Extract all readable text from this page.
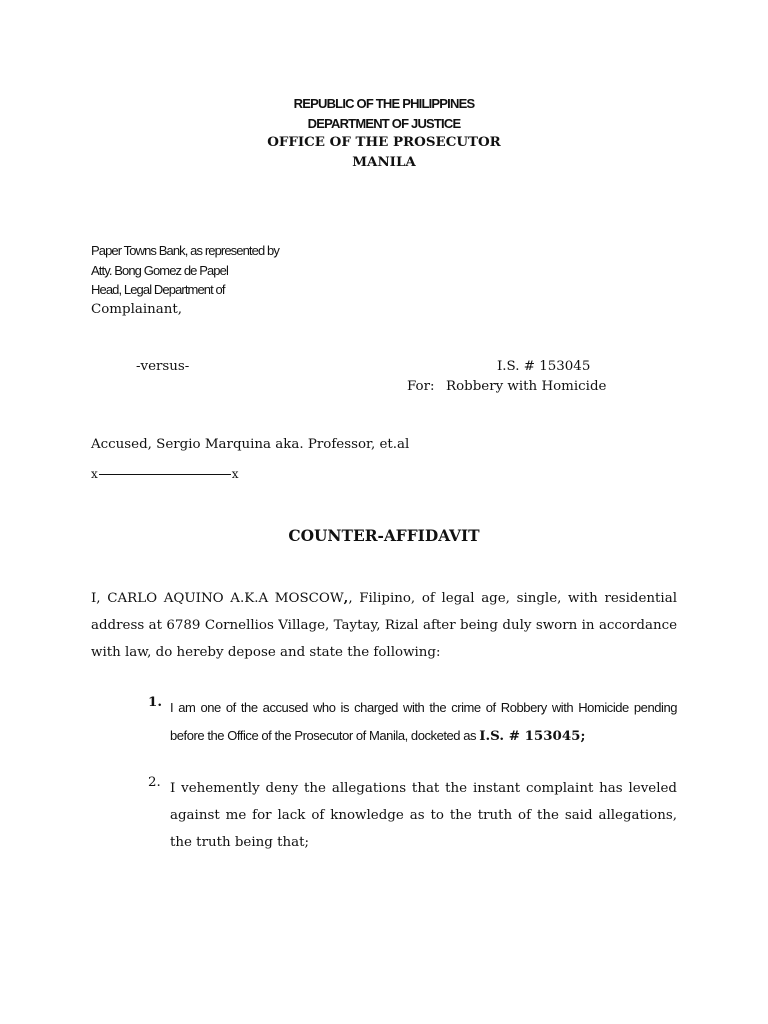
REPUBLIC OF THE PHILIPPINES
DEPARTMENT OF JUSTICE
OFFICE OF THE PROSECUTOR
MANILA
Paper Towns Bank, as represented by
Atty. Bong Gomez de Papel
Head, Legal Department of
Complainant,
-versus-	I.S. # 153045
For: Robbery with Homicide
Accused, Sergio Marquina aka. Professor, et.al
x	x
COUNTER-AFFIDAVIT
I, CARLO AQUINO A.K.A MOSCOW,, Filipino, of legal age, single, with residential address at 6789 Cornellios Village, Taytay, Rizal after being duly sworn in accordance with law, do hereby depose and state the following:
1. I am one of the accused who is charged with the crime of Robbery with Homicide pending before the Office of the Prosecutor of Manila, docketed as I.S. # 153045;
2. I vehemently deny the allegations that the instant complaint has leveled against me for lack of knowledge as to the truth of the said allegations, the truth being that;
